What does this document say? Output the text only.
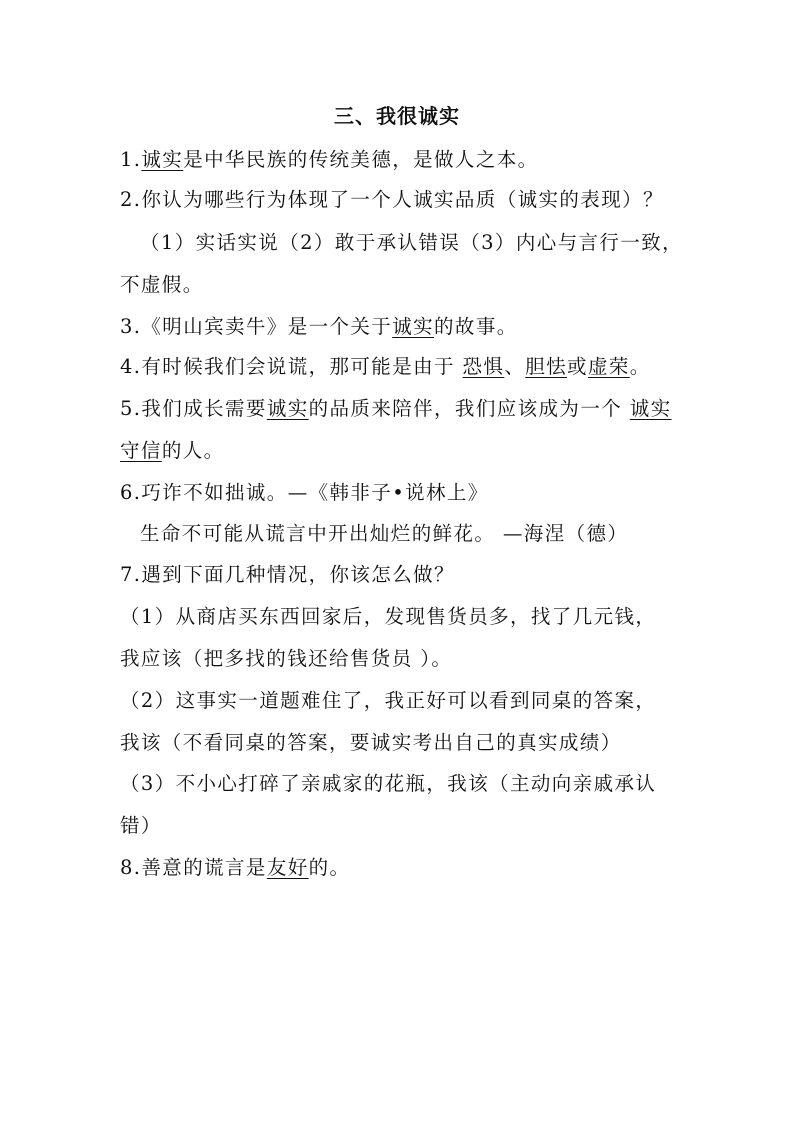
三、我很诚实
1.诚实是中华民族的传统美德，是做人之本。
2.你认为哪些行为体现了一个人诚实品质（诚实的表现）？
（1）实话实说（2）敢于承认错误（3）内心与言行一致，
不虚假。
3.《明山宾卖牛》是一个关于诚实的故事。
4.有时候我们会说谎，那可能是由于 恐惧、胆怯或虚荣。
5.我们成长需要诚实的品质来陪伴，我们应该成为一个 诚实
守信的人。
6.巧诈不如拙诚。—《韩非子•说林上》
生命不可能从谎言中开出灿烂的鲜花。 —海涅（德）
7.遇到下面几种情况，你该怎么做？
（1）从商店买东西回家后，发现售货员多，找了几元钱，
我应该（把多找的钱还给售货员 ）。
（2）这事实一道题难住了，我正好可以看到同桌的答案，
我该（不看同桌的答案，要诚实考出自己的真实成绩）
（3）不小心打碎了亲戚家的花瓶，我该（主动向亲戚承认
错）
8.善意的谎言是友好的。
